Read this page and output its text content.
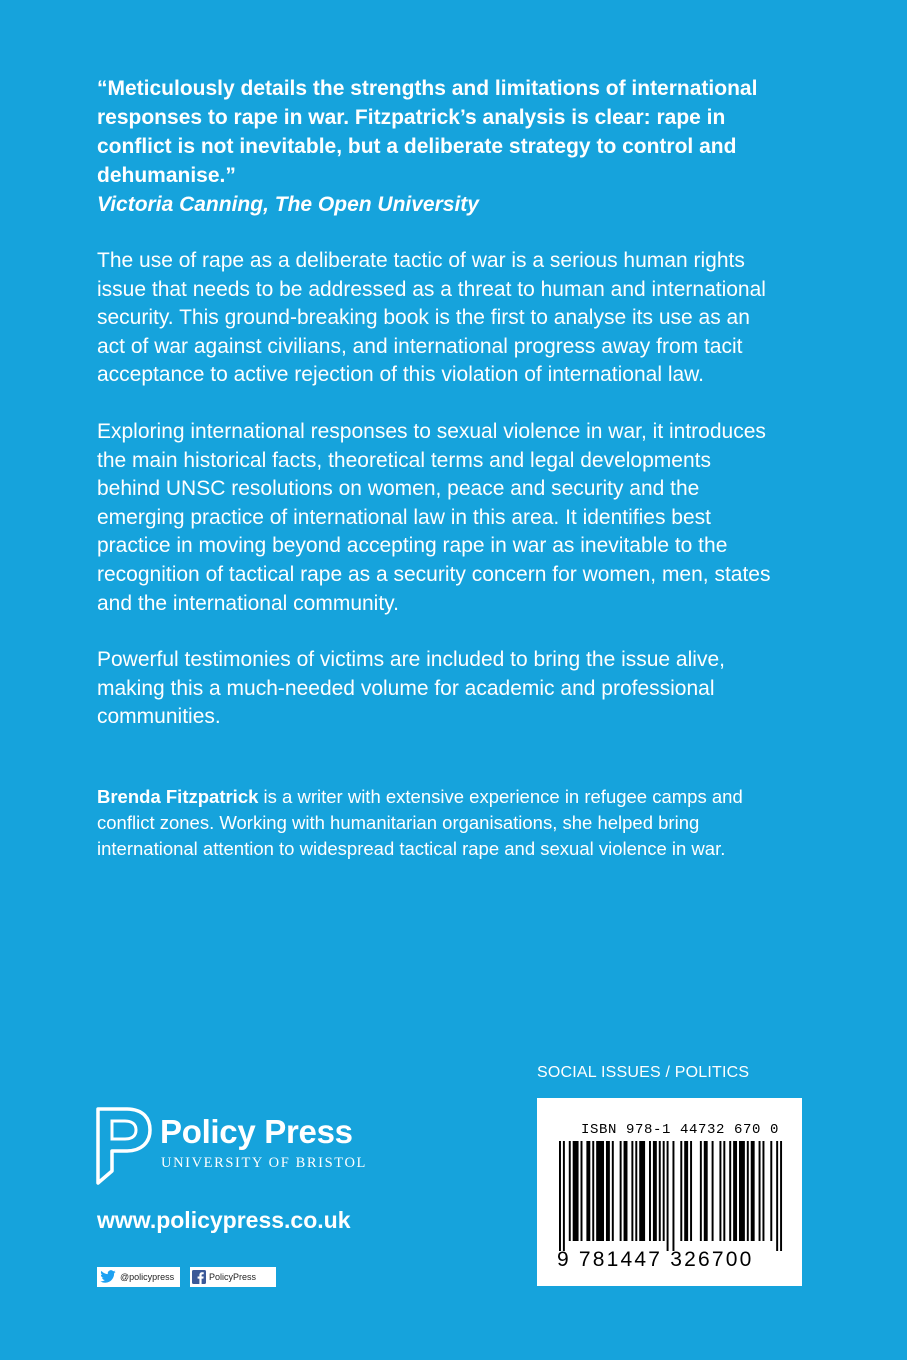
“Meticulously details the strengths and limitations of international responses to rape in war. Fitzpatrick’s analysis is clear: rape in conflict is not inevitable, but a deliberate strategy to control and dehumanise.”

Victoria Canning, The Open University

The use of rape as a deliberate tactic of war is a serious human rights issue that needs to be addressed as a threat to human and international security. This ground-breaking book is the first to analyse its use as an act of war against civilians, and international progress away from tacit acceptance to active rejection of this violation of international law.

Exploring international responses to sexual violence in war, it introduces the main historical facts, theoretical terms and legal developments behind UNSC resolutions on women, peace and security and the emerging practice of international law in this area. It identifies best practice in moving beyond accepting rape in war as inevitable to the recognition of tactical rape as a security concern for women, men, states and the international community.

Powerful testimonies of victims are included to bring the issue alive, making this a much-needed volume for academic and professional communities.

Brenda Fitzpatrick is a writer with extensive experience in refugee camps and conflict zones. Working with humanitarian organisations, she helped bring international attention to widespread tactical rape and sexual violence in war.

SOCIAL ISSUES / POLITICS
ISBN 978-1 44732 670 0
9 781447 326700
Policy Press
UNIVERSITY OF BRISTOL
www.policypress.co.uk
@policypress	PolicyPress
